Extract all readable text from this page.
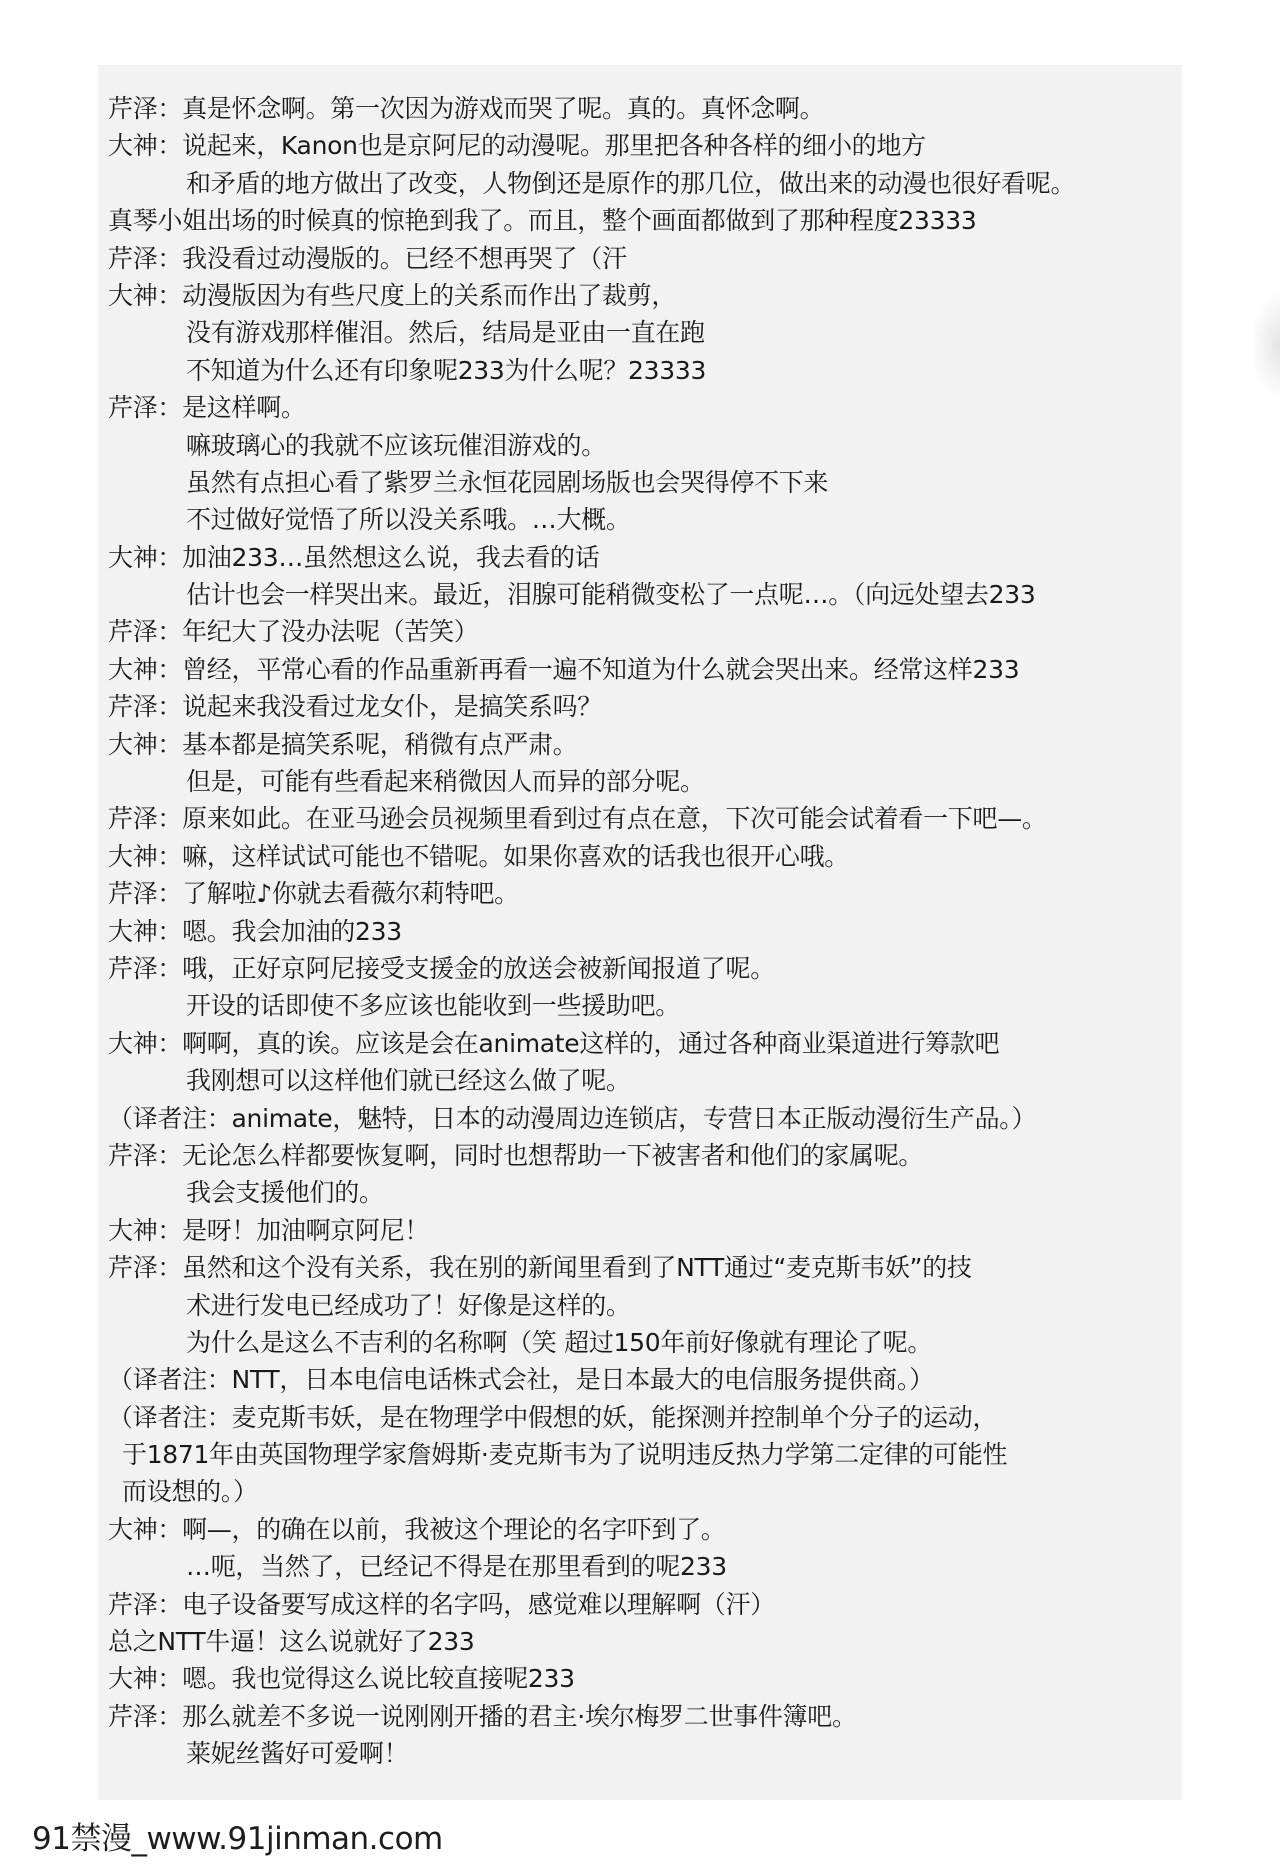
芹泽：真是怀念啊。第一次因为游戏而哭了呢。真的。真怀念啊。
大神：说起来，Kanon也是京阿尼的动漫呢。那里把各种各样的细小的地方
和矛盾的地方做出了改变，人物倒还是原作的那几位，做出来的动漫也很好看呢。
真琴小姐出场的时候真的惊艳到我了。而且，整个画面都做到了那种程度23333
芹泽：我没看过动漫版的。已经不想再哭了（汗
大神：动漫版因为有些尺度上的关系而作出了裁剪，
没有游戏那样催泪。然后，结局是亚由一直在跑
不知道为什么还有印象呢233为什么呢？23333
芹泽：是这样啊。
嘛玻璃心的我就不应该玩催泪游戏的。
虽然有点担心看了紫罗兰永恒花园剧场版也会哭得停不下来
不过做好觉悟了所以没关系哦。…大概。
大神：加油233…虽然想这么说，我去看的话
估计也会一样哭出来。最近，泪腺可能稍微变松了一点呢…。（向远处望去233
芹泽：年纪大了没办法呢（苦笑）
大神：曾经，平常心看的作品重新再看一遍不知道为什么就会哭出来。经常这样233
芹泽：说起来我没看过龙女仆，是搞笑系吗？
大神：基本都是搞笑系呢，稍微有点严肃。
但是，可能有些看起来稍微因人而异的部分呢。
芹泽：原来如此。在亚马逊会员视频里看到过有点在意，下次可能会试着看一下吧—。
大神：嘛，这样试试可能也不错呢。如果你喜欢的话我也很开心哦。
芹泽：了解啦♪你就去看薇尔莉特吧。
大神：嗯。我会加油的233
芹泽：哦，正好京阿尼接受支援金的放送会被新闻报道了呢。
开设的话即使不多应该也能收到一些援助吧。
大神：啊啊，真的诶。应该是会在animate这样的，通过各种商业渠道进行筹款吧
我刚想可以这样他们就已经这么做了呢。
（译者注：animate，魅特，日本的动漫周边连锁店，专营日本正版动漫衍生产品。）
芹泽：无论怎么样都要恢复啊，同时也想帮助一下被害者和他们的家属呢。
我会支援他们的。
大神：是呀！加油啊京阿尼！
芹泽：虽然和这个没有关系，我在别的新闻里看到了NTT通过“麦克斯韦妖”的技
术进行发电已经成功了！好像是这样的。
为什么是这么不吉利的名称啊（笑 超过150年前好像就有理论了呢。
（译者注：NTT，日本电信电话株式会社，是日本最大的电信服务提供商。）
（译者注：麦克斯韦妖，是在物理学中假想的妖，能探测并控制单个分子的运动，
于1871年由英国物理学家詹姆斯·麦克斯韦为了说明违反热力学第二定律的可能性
而设想的。）
大神：啊—，的确在以前，我被这个理论的名字吓到了。
…呃，当然了，已经记不得是在那里看到的呢233
芹泽：电子设备要写成这样的名字吗，感觉难以理解啊（汗）
总之NTT牛逼！这么说就好了233
大神：嗯。我也觉得这么说比较直接呢233
芹泽：那么就差不多说一说刚刚开播的君主·埃尔梅罗二世事件簿吧。
莱妮丝酱好可爱啊！
91禁漫_www.91jinman.com
